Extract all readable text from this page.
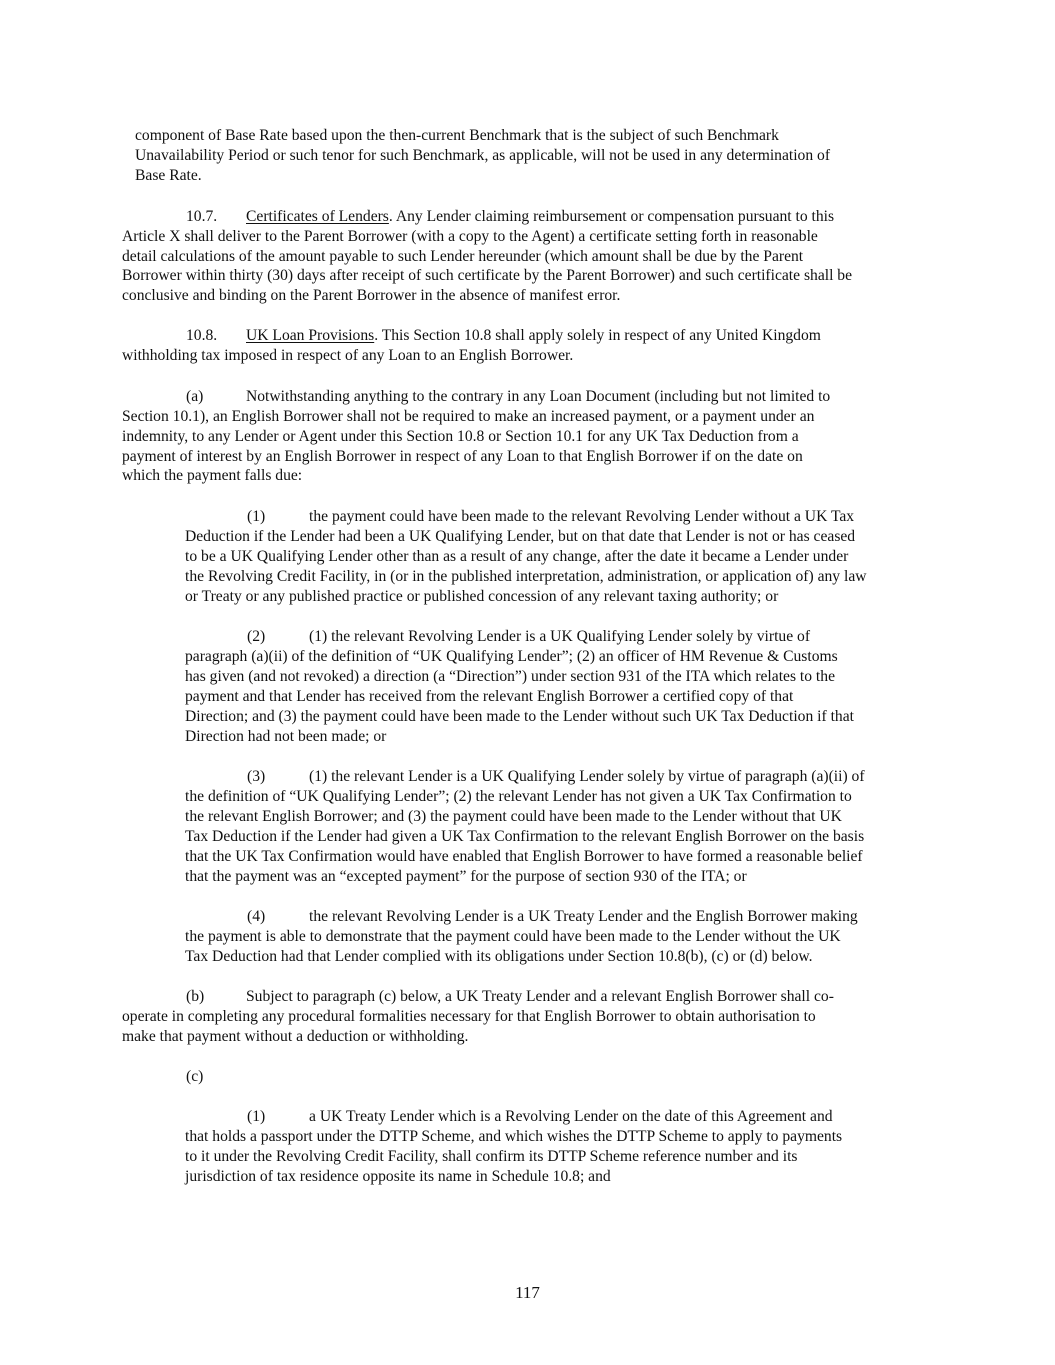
component of Base Rate based upon the then-current Benchmark that is the subject of such Benchmark
Unavailability Period or such tenor for such Benchmark, as applicable, will not be used in any determination of
Base Rate.
10.7. Certificates of Lenders. Any Lender claiming reimbursement or compensation pursuant to this
Article X shall deliver to the Parent Borrower (with a copy to the Agent) a certificate setting forth in reasonable
detail calculations of the amount payable to such Lender hereunder (which amount shall be due by the Parent
Borrower within thirty (30) days after receipt of such certificate by the Parent Borrower) and such certificate shall be
conclusive and binding on the Parent Borrower in the absence of manifest error.
10.8. UK Loan Provisions. This Section 10.8 shall apply solely in respect of any United Kingdom
withholding tax imposed in respect of any Loan to an English Borrower.
(a)	Notwithstanding anything to the contrary in any Loan Document (including but not limited to
Section 10.1), an English Borrower shall not be required to make an increased payment, or a payment under an
indemnity, to any Lender or Agent under this Section 10.8 or Section 10.1 for any UK Tax Deduction from a
payment of interest by an English Borrower in respect of any Loan to that English Borrower if on the date on
which the payment falls due:
(1)	the payment could have been made to the relevant Revolving Lender without a UK Tax
Deduction if the Lender had been a UK Qualifying Lender, but on that date that Lender is not or has ceased
to be a UK Qualifying Lender other than as a result of any change, after the date it became a Lender under
the Revolving Credit Facility, in (or in the published interpretation, administration, or application of) any law
or Treaty or any published practice or published concession of any relevant taxing authority; or
(2)	(1) the relevant Revolving Lender is a UK Qualifying Lender solely by virtue of
paragraph (a)(ii) of the definition of “UK Qualifying Lender”; (2) an officer of HM Revenue & Customs
has given (and not revoked) a direction (a “Direction”) under section 931 of the ITA which relates to the
payment and that Lender has received from the relevant English Borrower a certified copy of that
Direction; and (3) the payment could have been made to the Lender without such UK Tax Deduction if that
Direction had not been made; or
(3)	(1) the relevant Lender is a UK Qualifying Lender solely by virtue of paragraph (a)(ii) of
the definition of “UK Qualifying Lender”; (2) the relevant Lender has not given a UK Tax Confirmation to
the relevant English Borrower; and (3) the payment could have been made to the Lender without that UK
Tax Deduction if the Lender had given a UK Tax Confirmation to the relevant English Borrower on the basis
that the UK Tax Confirmation would have enabled that English Borrower to have formed a reasonable belief
that the payment was an “excepted payment” for the purpose of section 930 of the ITA; or
(4)	the relevant Revolving Lender is a UK Treaty Lender and the English Borrower making
the payment is able to demonstrate that the payment could have been made to the Lender without the UK
Tax Deduction had that Lender complied with its obligations under Section 10.8(b), (c) or (d) below.
(b)	Subject to paragraph (c) below, a UK Treaty Lender and a relevant English Borrower shall co-
operate in completing any procedural formalities necessary for that English Borrower to obtain authorisation to
make that payment without a deduction or withholding.
(c)
(1)	a UK Treaty Lender which is a Revolving Lender on the date of this Agreement and
that holds a passport under the DTTP Scheme, and which wishes the DTTP Scheme to apply to payments
to it under the Revolving Credit Facility, shall confirm its DTTP Scheme reference number and its
jurisdiction of tax residence opposite its name in Schedule 10.8; and
117
